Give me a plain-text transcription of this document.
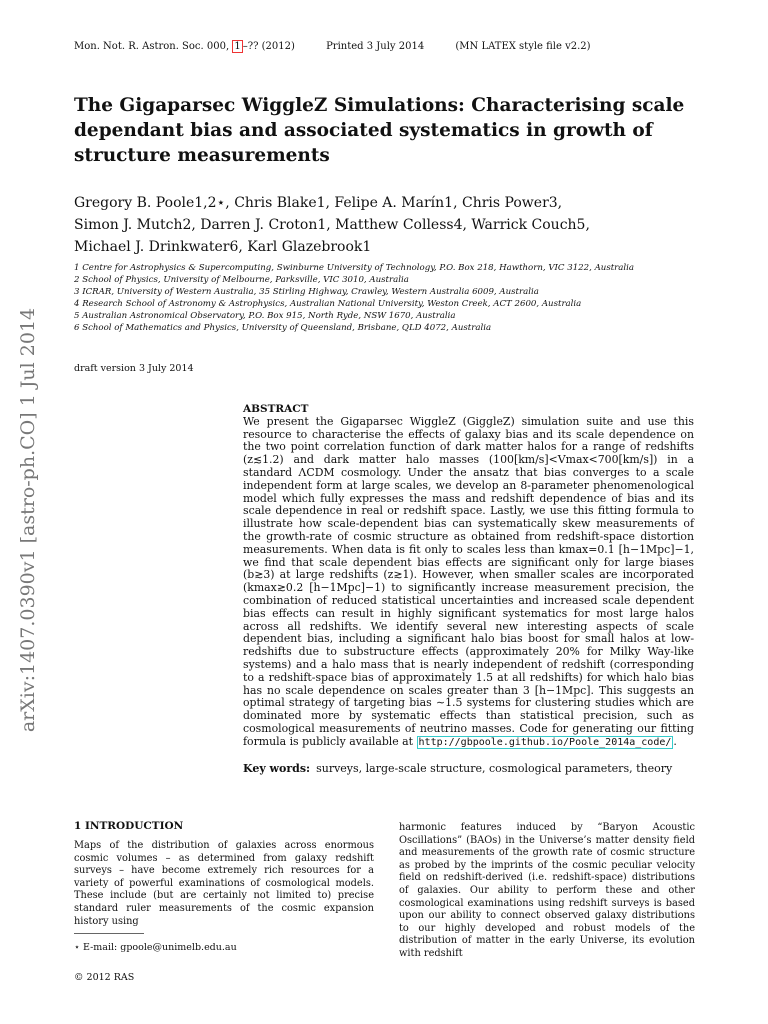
Mon. Not. R. Astron. Soc. 000, 1 –?? (2012)	Printed 3 July 2014	(MN LATEX style file v2.2)
arXiv:1407.0390v1 [astro-ph.CO] 1 Jul 2014
The Gigaparsec WiggleZ Simulations: Characterising scale dependant bias and associated systematics in growth of structure measurements
Gregory B. Poole1,2⋆, Chris Blake1, Felipe A. Marín1, Chris Power3,
Simon J. Mutch2, Darren J. Croton1, Matthew Colless4, Warrick Couch5,
Michael J. Drinkwater6, Karl Glazebrook1
1 Centre for Astrophysics & Supercomputing, Swinburne University of Technology, P.O. Box 218, Hawthorn, VIC 3122, Australia
2 School of Physics, University of Melbourne, Parksville, VIC 3010, Australia
3 ICRAR, University of Western Australia, 35 Stirling Highway, Crawley, Western Australia 6009, Australia
4 Research School of Astronomy & Astrophysics, Australian National University, Weston Creek, ACT 2600, Australia
5 Australian Astronomical Observatory, P.O. Box 915, North Ryde, NSW 1670, Australia
6 School of Mathematics and Physics, University of Queensland, Brisbane, QLD 4072, Australia
draft version 3 July 2014
ABSTRACT
We present the Gigaparsec WiggleZ (GiggleZ) simulation suite and use this resource to characterise the effects of galaxy bias and its scale dependence on the two point correlation function of dark matter halos for a range of redshifts (z≲1.2) and dark matter halo masses (100[km/s]<Vmax<700[km/s]) in a standard ΛCDM cosmology. Under the ansatz that bias converges to a scale independent form at large scales, we develop an 8-parameter phenomenological model which fully expresses the mass and redshift dependence of bias and its scale dependence in real or redshift space. Lastly, we use this fitting formula to illustrate how scale-dependent bias can systematically skew measurements of the growth-rate of cosmic structure as obtained from redshift-space distortion measurements. When data is fit only to scales less than kmax=0.1 [h−1Mpc]−1, we find that scale dependent bias effects are significant only for large biases (b≳3) at large redshifts (z≳1). However, when smaller scales are incorporated (kmax≳0.2 [h−1Mpc]−1) to significantly increase measurement precision, the combination of reduced statistical uncertainties and increased scale dependent bias effects can result in highly significant systematics for most large halos across all redshifts. We identify several new interesting aspects of scale dependent bias, including a significant halo bias boost for small halos at low-redshifts due to substructure effects (approximately 20% for Milky Way-like systems) and a halo mass that is nearly independent of redshift (corresponding to a redshift-space bias of approximately 1.5 at all redshifts) for which halo bias has no scale dependence on scales greater than 3 [h−1Mpc]. This suggests an optimal strategy of targeting bias ∼1.5 systems for clustering studies which are dominated more by systematic effects than statistical precision, such as cosmological measurements of neutrino masses. Code for generating our fitting formula is publicly available at http://gbpoole.github.io/Poole_2014a_code/ .
Key words: surveys, large-scale structure, cosmological parameters, theory
1 INTRODUCTION
Maps of the distribution of galaxies across enormous cosmic volumes – as determined from galaxy redshift surveys – have become extremely rich resources for a variety of powerful examinations of cosmological models. These include (but are certainly not limited to) precise standard ruler measurements of the cosmic expansion history using
harmonic features induced by “Baryon Acoustic Oscillations” (BAOs) in the Universe’s matter density field and measurements of the growth rate of cosmic structure as probed by the imprints of the cosmic peculiar velocity field on redshift-derived (i.e. redshift-space) distributions of galaxies. Our ability to perform these and other cosmological examinations using redshift surveys is based upon our ability to connect observed galaxy distributions to our highly developed and robust models of the distribution of matter in the early Universe, its evolution with redshift
⋆ E-mail: gpoole@unimelb.edu.au
© 2012 RAS
